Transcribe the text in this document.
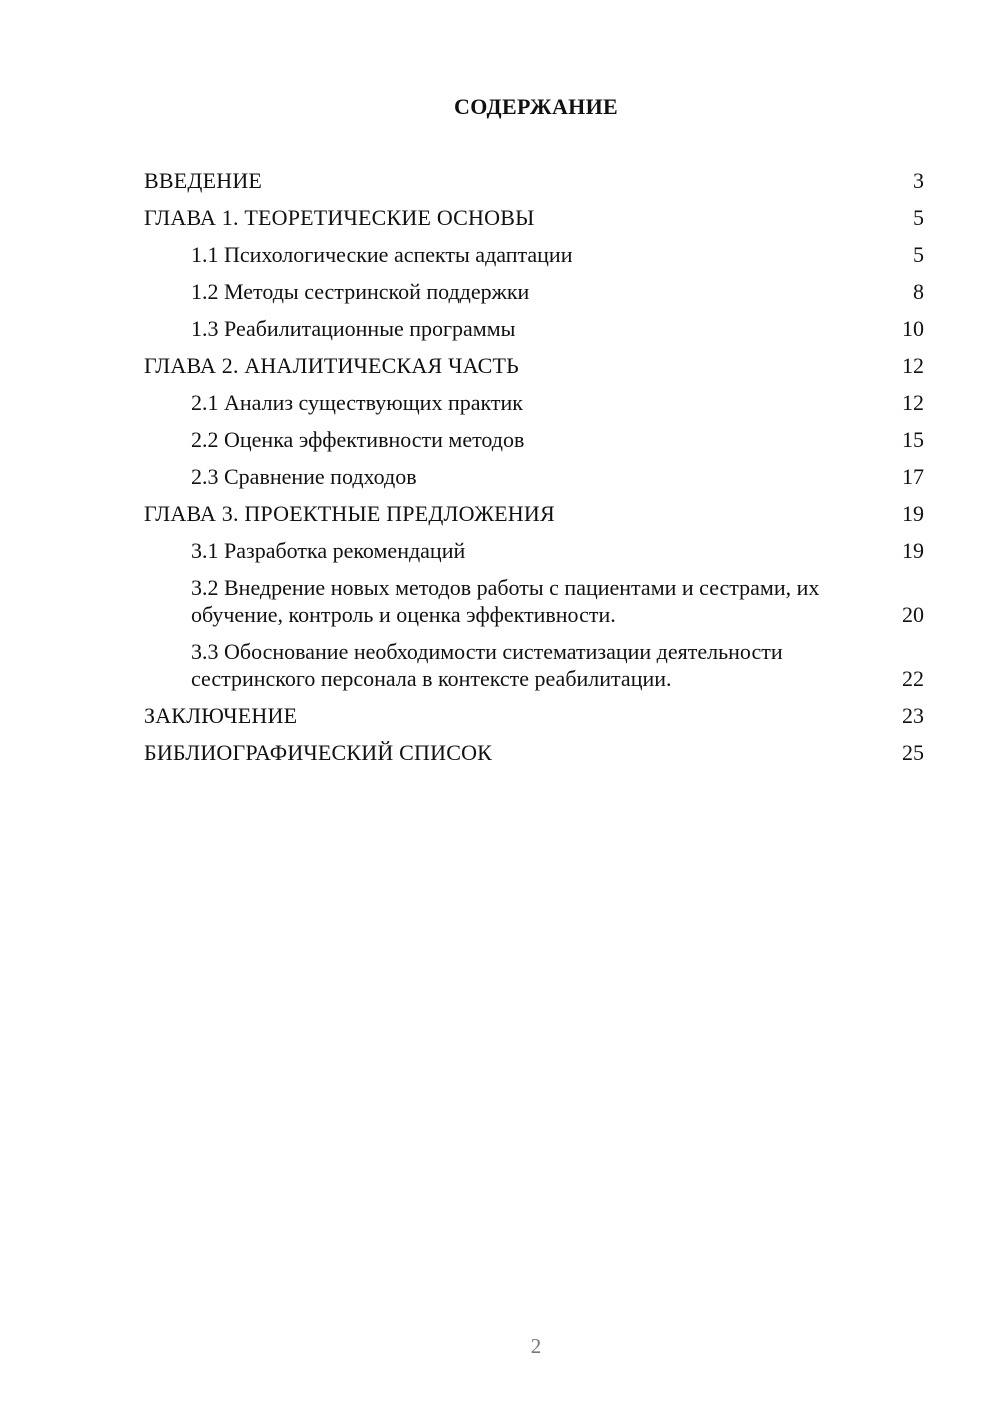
СОДЕРЖАНИЕ
ВВЕДЕНИЕ	3
ГЛАВА 1. ТЕОРЕТИЧЕСКИЕ ОСНОВЫ	5
1.1 Психологические аспекты адаптации	5
1.2 Методы сестринской поддержки	8
1.3 Реабилитационные программы	10
ГЛАВА 2. АНАЛИТИЧЕСКАЯ ЧАСТЬ	12
2.1 Анализ существующих практик	12
2.2 Оценка эффективности методов	15
2.3 Сравнение подходов	17
ГЛАВА 3. ПРОЕКТНЫЕ ПРЕДЛОЖЕНИЯ	19
3.1 Разработка рекомендаций	19
3.2 Внедрение новых методов работы с пациентами и сестрами, их обучение, контроль и оценка эффективности.	20
3.3 Обоснование необходимости систематизации деятельности сестринского персонала в контексте реабилитации.	22
ЗАКЛЮЧЕНИЕ	23
БИБЛИОГРАФИЧЕСКИЙ СПИСОК	25
2
